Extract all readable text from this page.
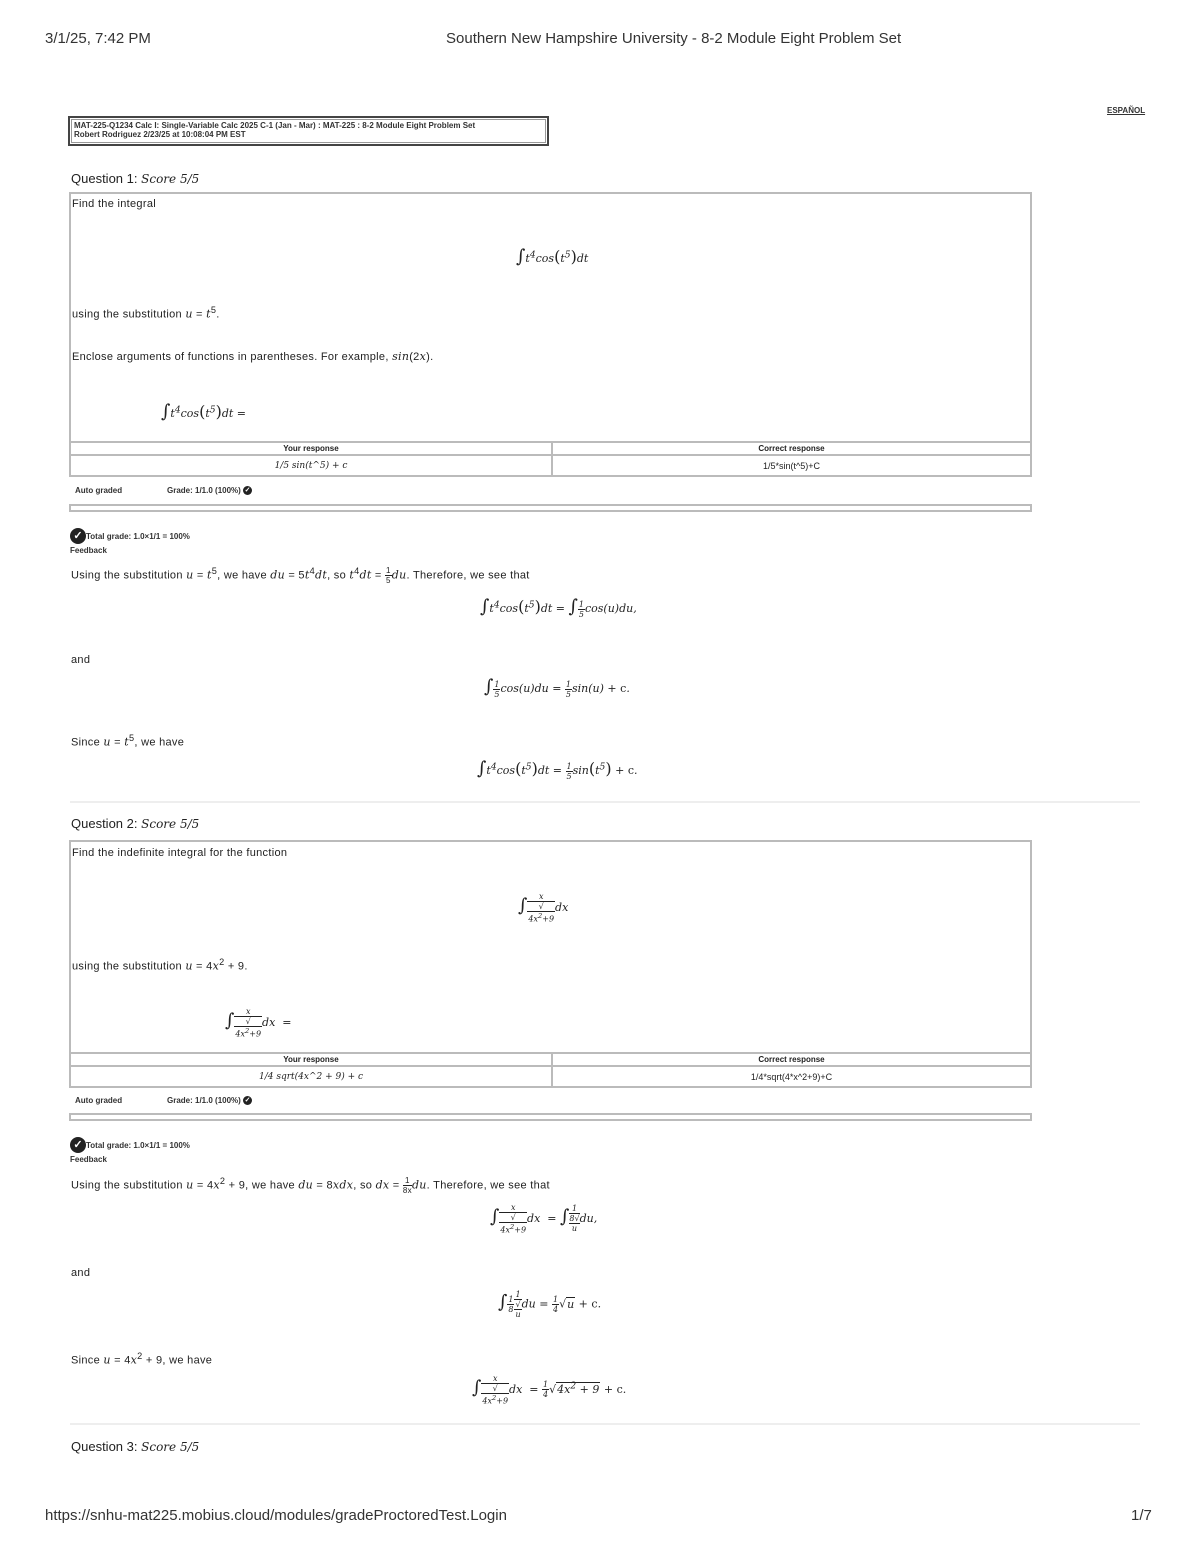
3/1/25, 7:42 PM	Southern New Hampshire University - 8-2 Module Eight Problem Set
ESPAÑOL
MAT-225-Q1234 Calc I: Single-Variable Calc 2025 C-1 (Jan - Mar) : MAT-225 : 8-2 Module Eight Problem Set
Robert Rodriguez 2/23/25 at 10:08:04 PM EST
Question 1: Score 5/5
Find the integral
$\int t^4\cos(t^5)dt$
using the substitution $u = t^5$.
Enclose arguments of functions in parentheses. For example, sin(2x).
$\int t^4\cos(t^5)dt$ =
Your response	Correct response
1/5 sin(t^5) + c	1/5*sin(t^5)+C
Auto graded	Grade: 1/1.0 (100%) ✓
✓ Total grade: 1.0×1/1 = 100%
Feedback
Using the substitution $u = t^5$, we have du = $5t^4dt$, so $t^4dt = \frac{1}{5}$ du. Therefore, we see that
$\int t^4\cos(t^5)dt$ = ∫ $\frac{1}{5} \cos(u)du$,
and
∫ $\frac{1}{5} \cos(u)du = \frac{1}{5} \sin(u) + c$.
Since $u = t^5$, we have
$\int t^4\cos(t^5)dt = \frac{1}{5} \sin(t^5) + c$.
Question 2: Score 5/5
Find the indefinite integral for the function
∫ x
√
$4x^2+9$ dx
using the substitution $u = 4x^2 + 9$.
∫ x
√
$4x^2+9$ dx  =
Your response	Correct response
1/4 sqrt(4x^2 + 9) + c	1/4*sqrt(4*x^2+9)+C
Auto graded	Grade: 1/1.0 (100%) ✓
✓ Total grade: 1.0×1/1 = 100%
Feedback
Using the substitution $u = 4x^2 + 9$, we have du = 8xdx, so dx = $\frac{1}{8x}$ du. Therefore, we see that
∫ x
√
$4x^2+9$ dx  = ∫ 1
8√
u du,
and
∫ $\frac{1}{8} 1$
√
u du = $\frac{1}{4} √u + c$.
Since $u = 4x^2 + 9$, we have
∫ x
√
$4x^2+9$ dx  = $\frac{1}{4} √4x^2 + 9 + c$.
Question 3: Score 5/5
https://snhu-mat225.mobius.cloud/modules/gradeProctoredTest.Login	1/7
